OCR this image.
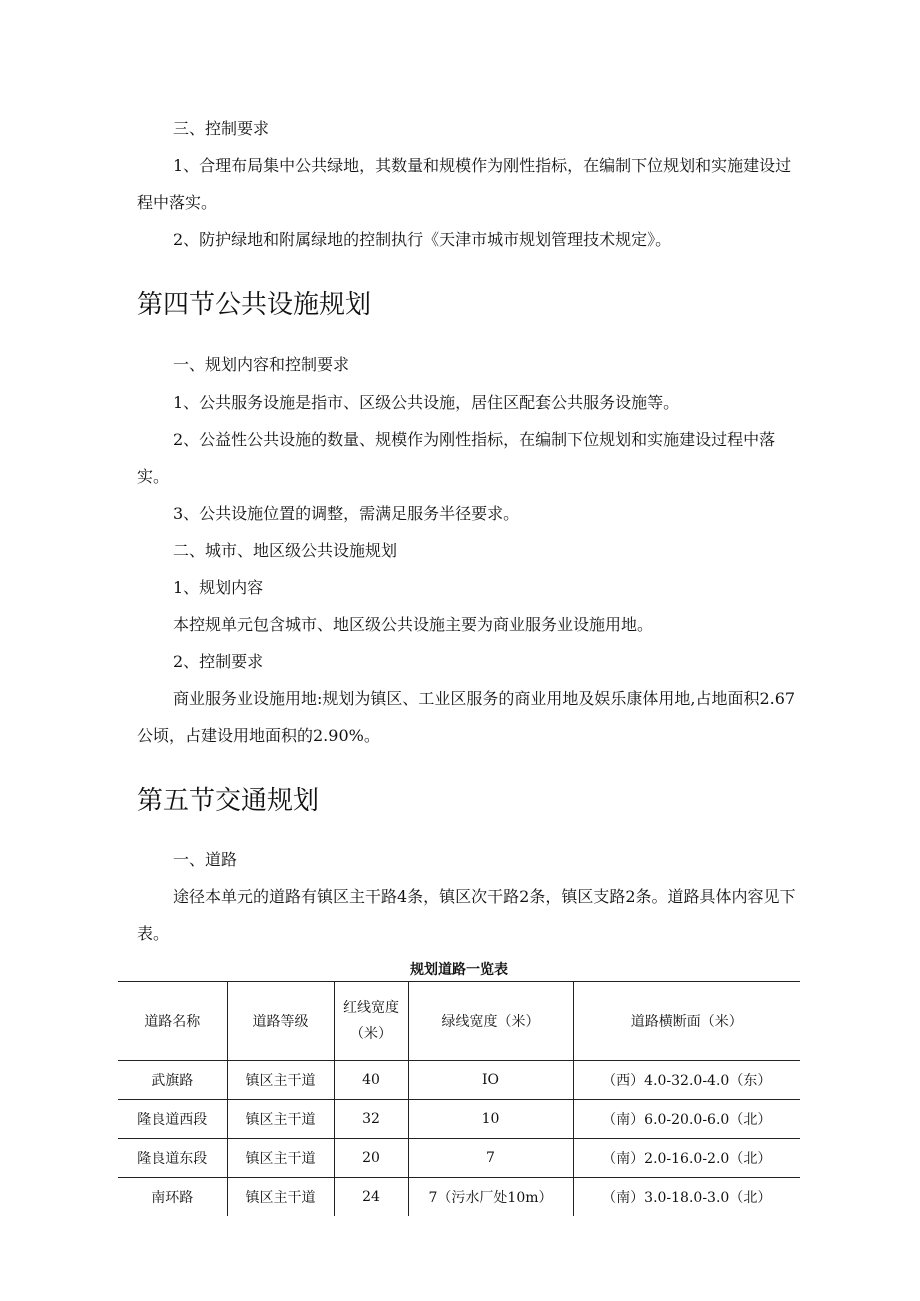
三、控制要求

1、合理布局集中公共绿地，其数量和规模作为刚性指标，在编制下位规划和实施建设过程中落实。

2、防护绿地和附属绿地的控制执行《天津市城市规划管理技术规定》。

第四节公共设施规划

一、规划内容和控制要求

1、公共服务设施是指市、区级公共设施，居住区配套公共服务设施等。

2、公益性公共设施的数量、规模作为刚性指标，在编制下位规划和实施建设过程中落实。

3、公共设施位置的调整，需满足服务半径要求。

二、城市、地区级公共设施规划

1、规划内容

本控规单元包含城市、地区级公共设施主要为商业服务业设施用地。

2、控制要求

商业服务业设施用地:规划为镇区、工业区服务的商业用地及娱乐康体用地,占地面积2.67公顷，占建设用地面积的2.90%。

第五节交通规划

一、道路

途径本单元的道路有镇区主干路4条，镇区次干路2条，镇区支路2条。道路具体内容见下表。

规划道路一览表
道路名称	道路等级	红线宽度（米）	绿线宽度（米）	道路横断面（米）
武旗路	镇区主干道	40	IO	（西）4.0-32.0-4.0（东）
隆良道西段	镇区主干道	32	10	（南）6.0-20.0-6.0（北）
隆良道东段	镇区主干道	20	7	（南）2.0-16.0-2.0（北）
南环路	镇区主干道	24	7（污水厂处10m）	（南）3.0-18.0-3.0（北）
